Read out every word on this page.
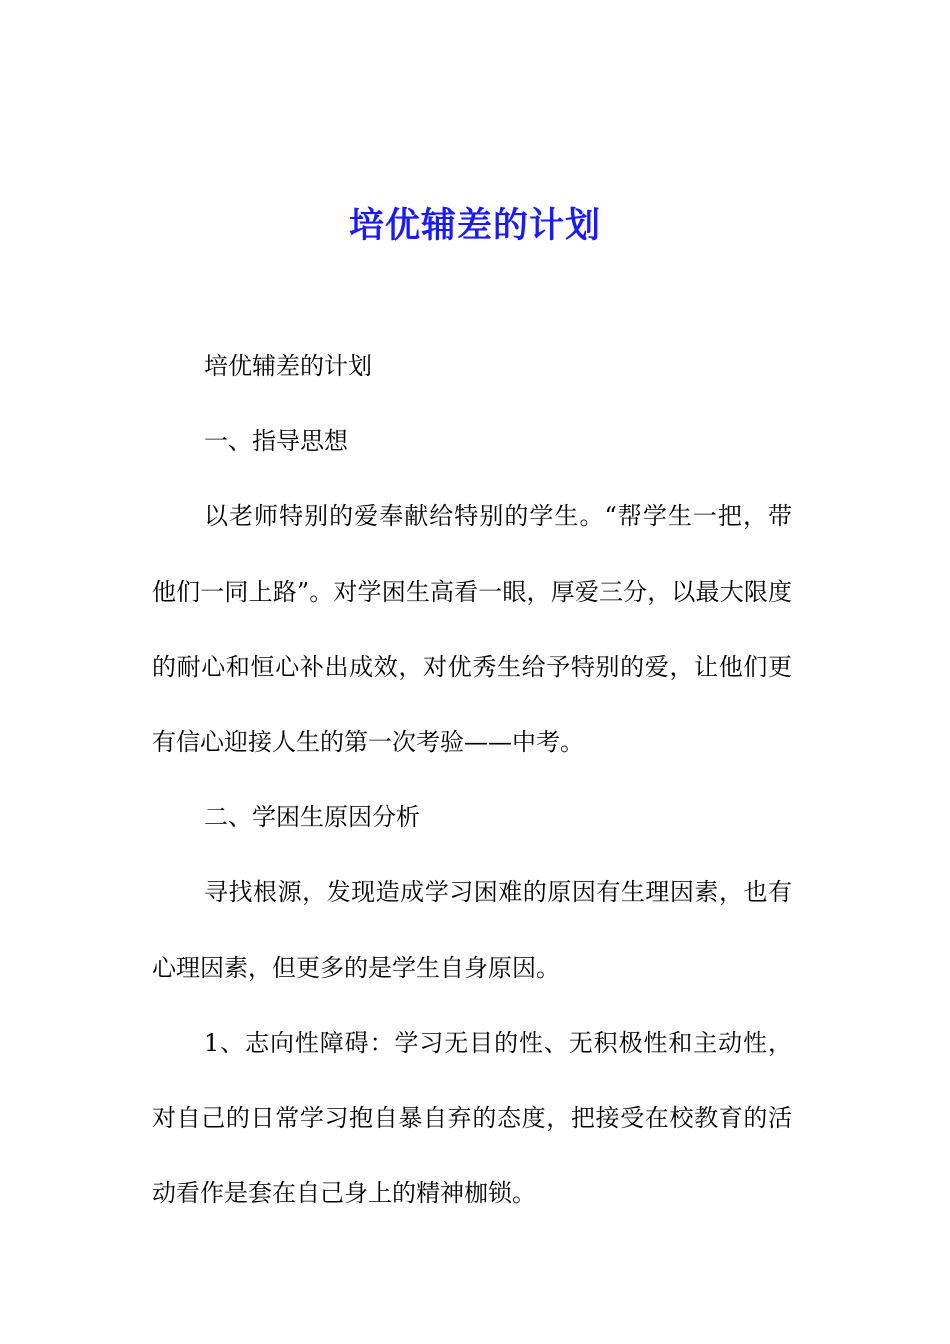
培优辅差的计划

培优辅差的计划

一、指导思想

以老师特别的爱奉献给特别的学生。“帮学生一把，带他们一同上路”。对学困生高看一眼，厚爱三分，以最大限度的耐心和恒心补出成效，对优秀生给予特别的爱，让他们更有信心迎接人生的第一次考验——中考。

二、学困生原因分析

寻找根源，发现造成学习困难的原因有生理因素，也有心理因素，但更多的是学生自身原因。

1、志向性障碍：学习无目的性、无积极性和主动性，对自己的日常学习抱自暴自弃的态度，把接受在校教育的活动看作是套在自己身上的精神枷锁。
